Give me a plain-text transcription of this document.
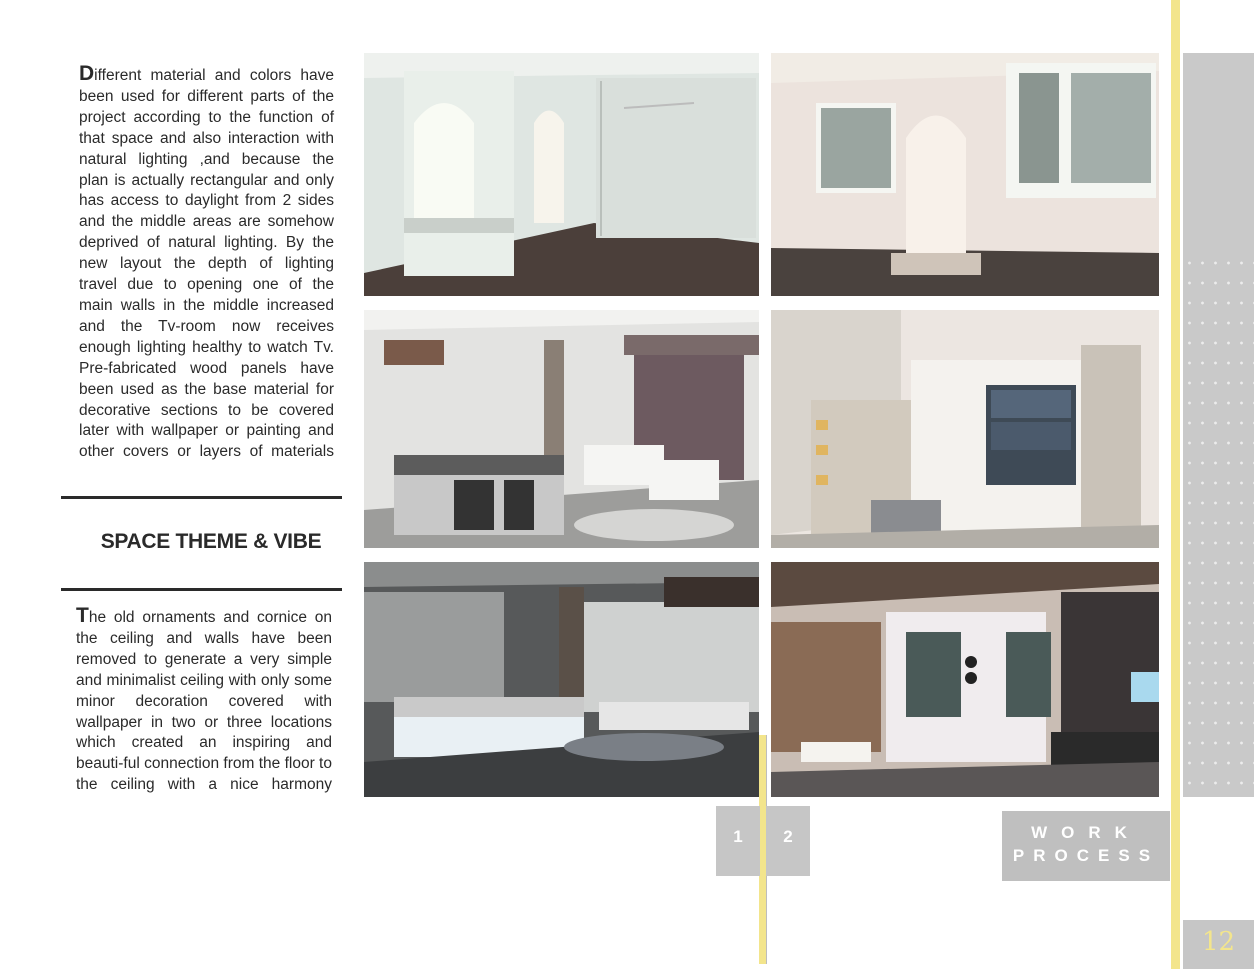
Different material and colors have been used for different parts of the project according to the function of that space and also interaction with natural lighting ,and because the plan is actually rectangular and only has access to daylight from 2 sides and the middle areas are somehow deprived of natural lighting. By the new layout the depth of lighting travel due to opening one of the main walls in the middle increased and the Tv-room now receives enough lighting healthy to watch Tv. Pre-fabricated wood panels have been used as the base material for decorative sections to be covered later with wallpaper or painting and other covers or layers of materials

SPACE THEME & VIBE

The old ornaments and cornice on the ceiling and walls have been removed to generate a very simple and minimalist ceiling with only some minor decoration covered with wallpaper in two or three locations which created an inspiring and beauti-ful connection from the floor to the ceiling with a nice harmony

1	2	WORK
PROCESS
12
